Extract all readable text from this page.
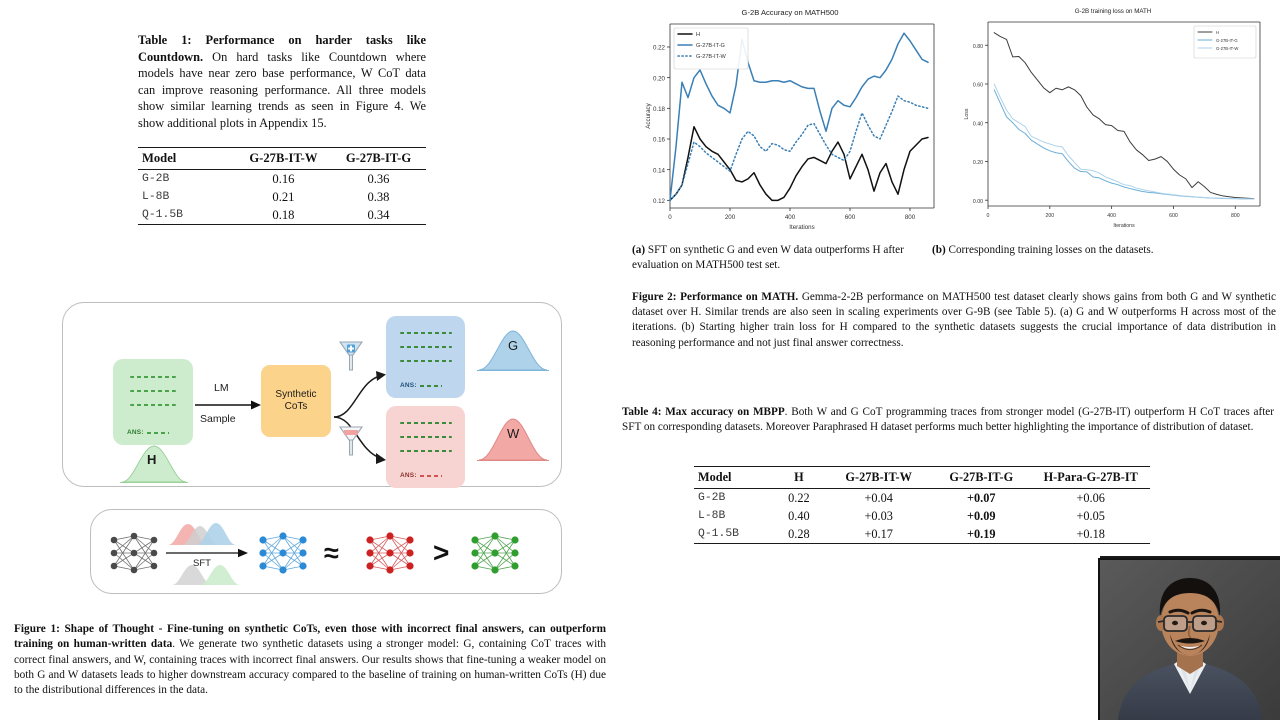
Table 1: Performance on harder tasks like Countdown. On hard tasks like Countdown where models have near zero base performance, W CoT data can improve reasoning performance. All three models show similar learning trends as seen in Figure 4. We show additional plots in Appendix 15.
Model	G-27B-IT-W	G-27B-IT-G
G-2B	0.16	0.36
L-8B	0.21	0.38
Q-1.5B	0.18	0.34

ANS:
H
LM
Sample
Synthetic
CoTs
ANS:
G
ANS:
W
SFT	≈	>
Figure 1: Shape of Thought - Fine-tuning on synthetic CoTs, even those with incorrect final answers, can outperform training on human-written data. We generate two synthetic datasets using a stronger model: G, containing CoT traces with correct final answers, and W, containing traces with incorrect final answers. Our results shows that fine-tuning a weaker model on both G and W datasets leads to higher downstream accuracy compared to the baseline of training on human-written CoTs (H) due to the distributional differences in the data.
G-2B Accuracy on MATH500
0.12
0.14
0.16
0.18
0.20
0.22
0	200	400	600	800
Iterations
Accuracy
H
G-27B-IT-G
G-27B-IT-W
G-2B training loss on MATH
0.00
0.20
0.40
0.60
0.80
0	200	400	600	800
Iterations
Loss
H
G-27B-IT-G
G-27B-IT-W
(a) SFT on synthetic G and even W data outperforms H after evaluation on MATH500 test set.
(b) Corresponding training losses on the datasets.
Figure 2: Performance on MATH. Gemma-2-2B performance on MATH500 test dataset clearly shows gains from both G and W synthetic dataset over H. Similar trends are also seen in scaling experiments over G-9B (see Table 5). (a) G and W outperforms H across most of the iterations. (b) Starting higher train loss for H compared to the synthetic datasets suggests the crucial importance of data distribution in reasoning performance and not just final answer correctness.
Table 4: Max accuracy on MBPP. Both W and G CoT programming traces from stronger model (G-27B-IT) outperform H CoT traces after SFT on corresponding datasets. Moreover Paraphrased H dataset performs much better highlighting the importance of distribution of dataset.
Model	H	G-27B-IT-W	G-27B-IT-G	H-Para-G-27B-IT
G-2B	0.22	+0.04	+0.07	+0.06
L-8B	0.40	+0.03	+0.09	+0.05
Q-1.5B	0.28	+0.17	+0.19	+0.18
